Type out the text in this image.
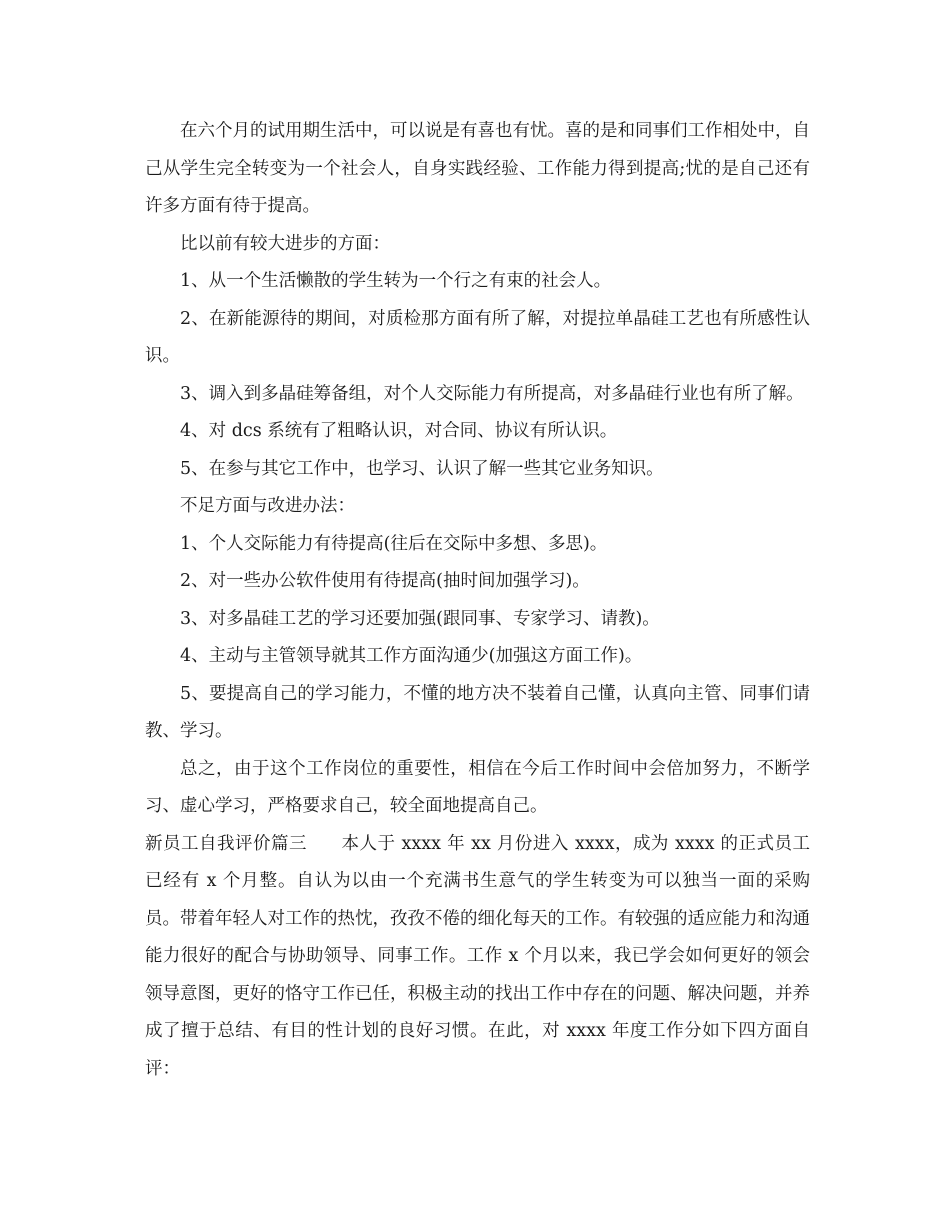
在六个月的试用期生活中，可以说是有喜也有忧。喜的是和同事们工作相处中，自己从学生完全转变为一个社会人，自身实践经验、工作能力得到提高;忧的是自己还有许多方面有待于提高。

比以前有较大进步的方面：

1、从一个生活懒散的学生转为一个行之有束的社会人。

2、在新能源待的期间，对质检那方面有所了解，对提拉单晶硅工艺也有所感性认识。

3、调入到多晶硅筹备组，对个人交际能力有所提高，对多晶硅行业也有所了解。

4、对 dcs 系统有了粗略认识，对合同、协议有所认识。

5、在参与其它工作中，也学习、认识了解一些其它业务知识。

不足方面与改进办法：

1、个人交际能力有待提高(往后在交际中多想、多思)。

2、对一些办公软件使用有待提高(抽时间加强学习)。

3、对多晶硅工艺的学习还要加强(跟同事、专家学习、请教)。

4、主动与主管领导就其工作方面沟通少(加强这方面工作)。

5、要提高自己的学习能力，不懂的地方决不装着自己懂，认真向主管、同事们请教、学习。

总之，由于这个工作岗位的重要性，相信在今后工作时间中会倍加努力，不断学习、虚心学习，严格要求自己，较全面地提高自己。

新员工自我评价篇三 本人于 xxxx 年 xx 月份进入 xxxx，成为 xxxx 的正式员工已经有 x 个月整。自认为以由一个充满书生意气的学生转变为可以独当一面的采购员。带着年轻人对工作的热忱，孜孜不倦的细化每天的工作。有较强的适应能力和沟通能力很好的配合与协助领导、同事工作。工作 x 个月以来，我已学会如何更好的领会领导意图，更好的恪守工作已任，积极主动的找出工作中存在的问题、解决问题，并养成了擅于总结、有目的性计划的良好习惯。在此，对 xxxx 年度工作分如下四方面自评：
